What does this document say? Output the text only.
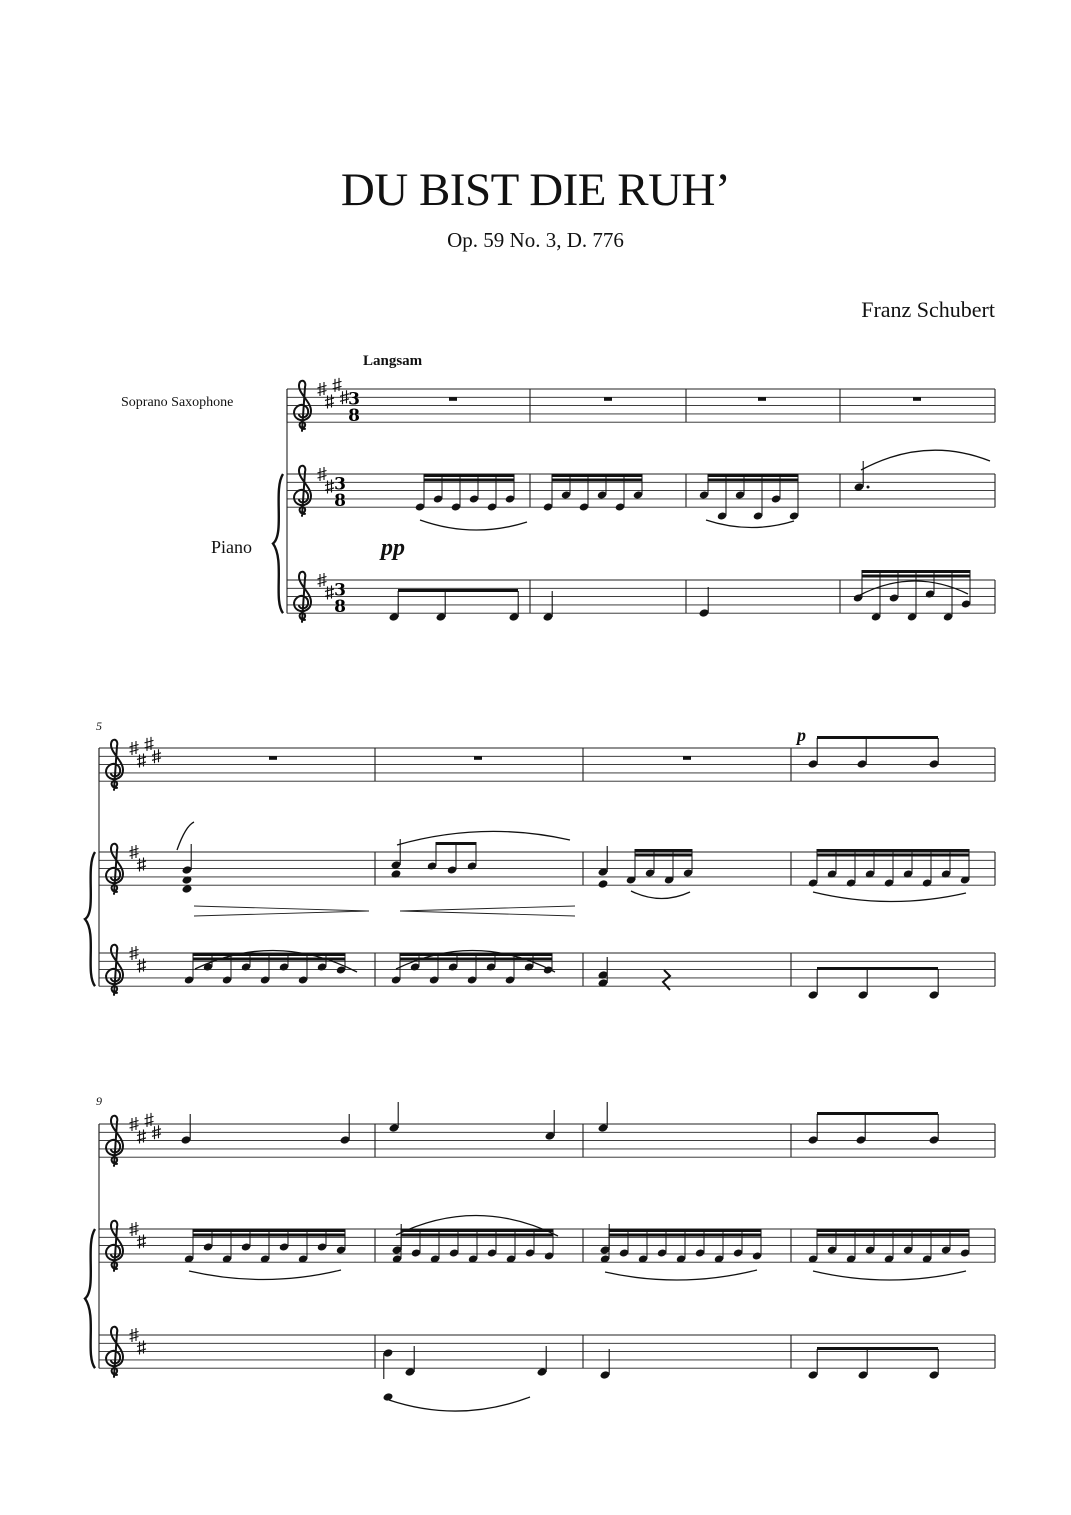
DU BIST DIE RUH’
Op. 59 No. 3, D. 776
Franz Schubert
Langsam
Soprano Saxophone
Piano
5
9
pp
p
3
8
3
8
3
8
